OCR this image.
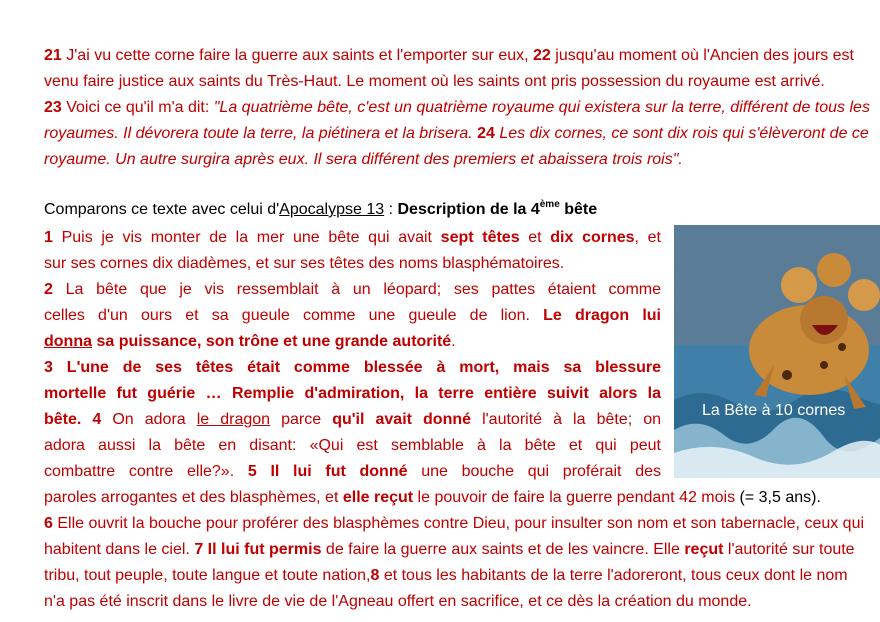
21 J'ai vu cette corne faire la guerre aux saints et l'emporter sur eux, 22 jusqu'au moment où l'Ancien des jours est
venu faire justice aux saints du Très-Haut. Le moment où les saints ont pris possession du royaume est arrivé.
23 Voici ce qu'il m'a dit: "La quatrième bête, c'est un quatrième royaume qui existera sur la terre, différent de tous les
royaumes. Il dévorera toute la terre, la piétinera et la brisera. 24 Les dix cornes, ce sont dix rois qui s'élèveront de ce
royaume. Un autre surgira après eux. Il sera différent des premiers et abaissera trois rois".
Comparons ce texte avec celui d'Apocalypse 13 : Description de la 4ème bête
1 Puis je vis monter de la mer une bête qui avait sept têtes et dix cornes, et
sur ses cornes dix diadèmes, et sur ses têtes des noms blasphématoires.
2 La bête que je vis ressemblait à un léopard; ses pattes étaient comme
celles d'un ours et sa gueule comme une gueule de lion. Le dragon lui
donna sa puissance, son trône et une grande autorité.
3 L'une de ses têtes était comme blessée à mort, mais sa blessure
mortelle fut guérie … Remplie d'admiration, la terre entière suivit alors la
bête. 4 On adora le dragon parce qu'il avait donné l'autorité à la bête; on
adora aussi la bête en disant: «Qui est semblable à la bête et qui peut
combattre contre elle?». 5 Il lui fut donné une bouche qui proférait des
paroles arrogantes et des blasphèmes, et elle reçut le pouvoir de faire la guerre pendant 42 mois (= 3,5 ans).
6 Elle ouvrit la bouche pour proférer des blasphèmes contre Dieu, pour insulter son nom et son tabernacle, ceux qui
habitent dans le ciel. 7 Il lui fut permis de faire la guerre aux saints et de les vaincre. Elle reçut l'autorité sur toute
tribu, tout peuple, toute langue et toute nation,8 et tous les habitants de la terre l'adoreront, tous ceux dont le nom
n'a pas été inscrit dans le livre de vie de l'Agneau offert en sacrifice, et ce dès la création du monde.
La Bête à 10 cornes
